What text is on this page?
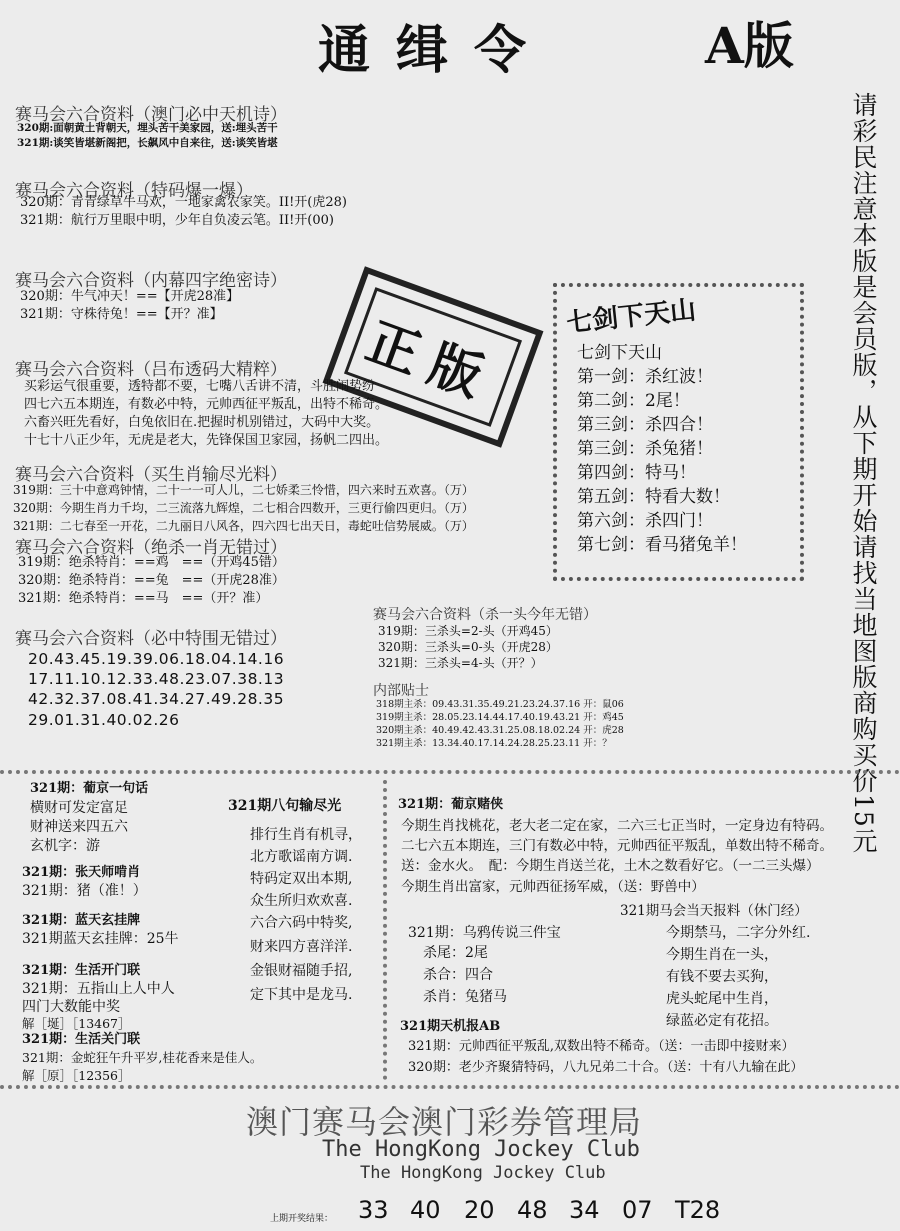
通缉令	A版
请彩民注意本版是会员版，从下期开始请找当地图版商购买价15元
赛马会六合资料（澳门必中天机诗）
320期:面朝黄土背朝天，埋头苦干美家园，送:埋头苦干
321期:谈笑皆堪新阁把，长飙风中自来往，送:谈笑皆堪
赛马会六合资料（特码爆一爆）
320期：青青绿草牛马欢，一地家禽农家笑。II!开(虎28)
321期：航行万里眼中明，少年自负凌云笔。II!开(00)
赛马会六合资料（内幕四字绝密诗）
320期：牛气冲天！==【开虎28准】
321期：守株待兔！==【开？准】	正版
赛马会六合资料（吕布透码大精粹）
买彩运气很重要，透特都不要，七嘴八舌讲不清，斗胜闹势纷
四七六五本期连，有数必中特，元帅西征平叛乱，出特不稀奇。
六畜兴旺先看好，白兔依旧在.把握时机别错过，大码中大奖。
十七十八正少年，无虎是老大，先锋保国卫家园，扬帆二四出。
赛马会六合资料（买生肖输尽光料）
319期：三十中意鸡钟情，二十一一可人儿，二七娇柔三怜惜，四六来时五欢喜。（万）
320期：今期生肖力千均，二三流落九辉煌，二七相合四数开，三更行偷四更归。（万）
321期：二七春至一开花，二九丽日八风各，四六四七出天日，毒蛇吐信势展威。（万）
赛马会六合资料（绝杀一肖无错过）
319期：绝杀特肖：==鸡　==（开鸡45错）
320期：绝杀特肖：==兔　==（开虎28准）
321期：绝杀特肖：==马　==（开？准）
七剑下天山
七剑下天山
第一剑：杀红波！
第二剑：2尾！
第三剑：杀四合！
第三剑：杀兔猪！
第四剑：特马！
第五剑：特看大数！
第六剑：杀四门！
第七剑：看马猪兔羊！
赛马会六合资料（必中特围无错过）
20.43.45.19.39.06.18.04.14.16
17.11.10.12.33.48.23.07.38.13
42.32.37.08.41.34.27.49.28.35
29.01.31.40.02.26
赛马会六合资料（杀一头今年无错）
319期：三杀头=2-头（开鸡45）
320期：三杀头=0-头（开虎28）
321期：三杀头=4-头（开？）
内部贴士
318期主杀：09.43.31.35.49.21.23.24.37.16 开：鼠06
319期主杀：28.05.23.14.44.17.40.19.43.21 开：鸡45
320期主杀：40.49.42.43.31.25.08.18.02.24 开：虎28
321期主杀：13.34.40.17.14.24.28.25.23.11 开：？
321期：葡京一句话
横财可发定富足
财神送来四五六
玄机字：游
321期：张天师啃肖
321期：猪（准！）
321期：蓝天玄挂牌
321期蓝天玄挂牌：25牛
321期：生活开门联
321期：五指山上人中人
四门大数能中奖
解［埏］［13467］
321期：生活关门联
321期：金蛇狂午升平岁,桂花香来是佳人。
解［原］［12356］
321期八句输尽光
排行生肖有机寻，
北方歌谣南方调.
特码定双出本期,
众生所归欢欢喜.
六合六码中特奖,
财来四方喜洋洋.
金银财福随手招,
定下其中是龙马.
321期：葡京赌侠
今期生肖找桃花，老大老二定在家，二六三七正当时，一定身边有特码。
二七六五本期连，三门有数必中特，元帅西征平叛乱，单数出特不稀奇。
送：金水火。　配：今期生肖送兰花，土木之数看好它。（一二三头爆）
今期生肖出富家，元帅西征扬军威，（送：野兽中）
321期马会当天报料（休门经）
今期禁马，二字分外红.
今期生肖在一头，
有钱不要去买狗，
虎头蛇尾中生肖，
绿蓝必定有花招。
321期：乌鸦传说三件宝
杀尾：2尾
杀合：四合
杀肖：兔猪马
321期天机报AB
321期：元帅西征平叛乱,双数出特不稀奇。（送：一击即中接财来）
320期：老少齐聚猜特码，八九兄弟二十合。（送：十有八九输在此）
澳门赛马会澳门彩券管理局
The HongKong Jockey Club
The HongKong Jockey Club
上期开奖结果： 33 40 20 48 34 07 T28
